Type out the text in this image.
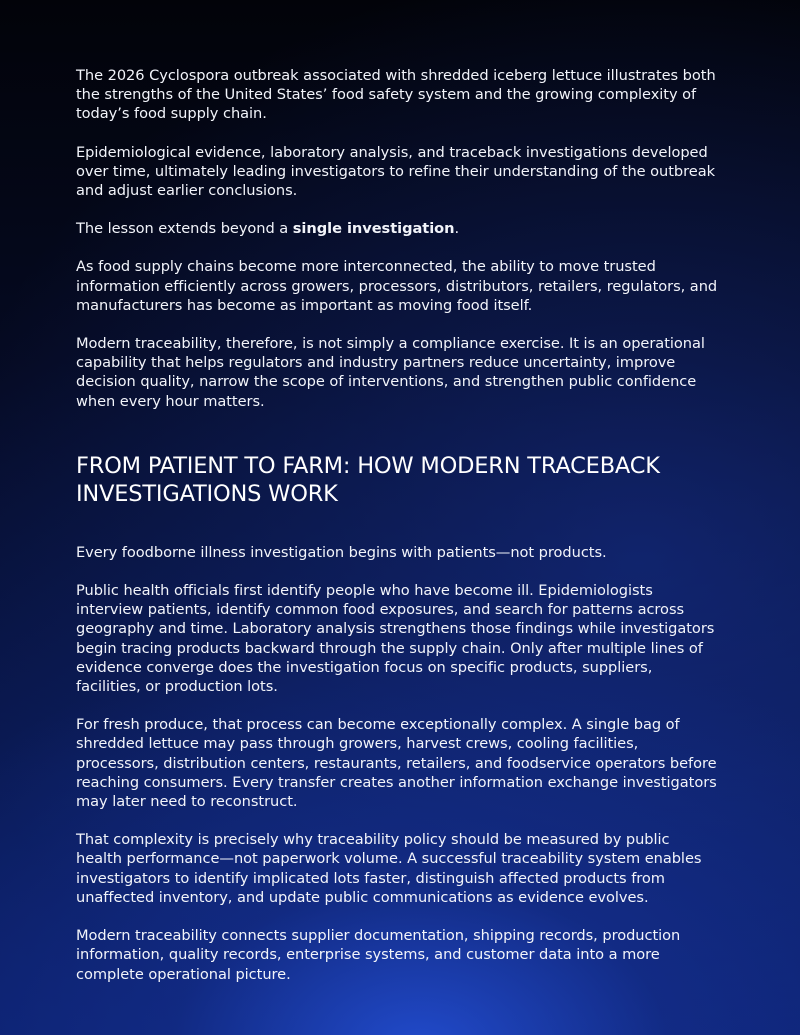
The 2026 Cyclospora outbreak associated with shredded iceberg lettuce illustrates both the strengths of the United States’ food safety system and the growing complexity of today’s food supply chain.

Epidemiological evidence, laboratory analysis, and traceback investigations developed over time, ultimately leading investigators to refine their understanding of the outbreak and adjust earlier conclusions.

The lesson extends beyond a single investigation.

As food supply chains become more interconnected, the ability to move trusted information efficiently across growers, processors, distributors, retailers, regulators, and manufacturers has become as important as moving food itself.

Modern traceability, therefore, is not simply a compliance exercise. It is an operational capability that helps regulators and industry partners reduce uncertainty, improve decision quality, narrow the scope of interventions, and strengthen public confidence when every hour matters.

FROM PATIENT TO FARM: HOW MODERN TRACEBACK INVESTIGATIONS WORK

Every foodborne illness investigation begins with patients—not products.

Public health officials first identify people who have become ill. Epidemiologists interview patients, identify common food exposures, and search for patterns across geography and time. Laboratory analysis strengthens those findings while investigators begin tracing products backward through the supply chain. Only after multiple lines of evidence converge does the investigation focus on specific products, suppliers, facilities, or production lots.

For fresh produce, that process can become exceptionally complex. A single bag of shredded lettuce may pass through growers, harvest crews, cooling facilities, processors, distribution centers, restaurants, retailers, and foodservice operators before reaching consumers. Every transfer creates another information exchange investigators may later need to reconstruct.

That complexity is precisely why traceability policy should be measured by public health performance—not paperwork volume. A successful traceability system enables investigators to identify implicated lots faster, distinguish affected products from unaffected inventory, and update public communications as evidence evolves.

Modern traceability connects supplier documentation, shipping records, production information, quality records, enterprise systems, and customer data into a more complete operational picture.
